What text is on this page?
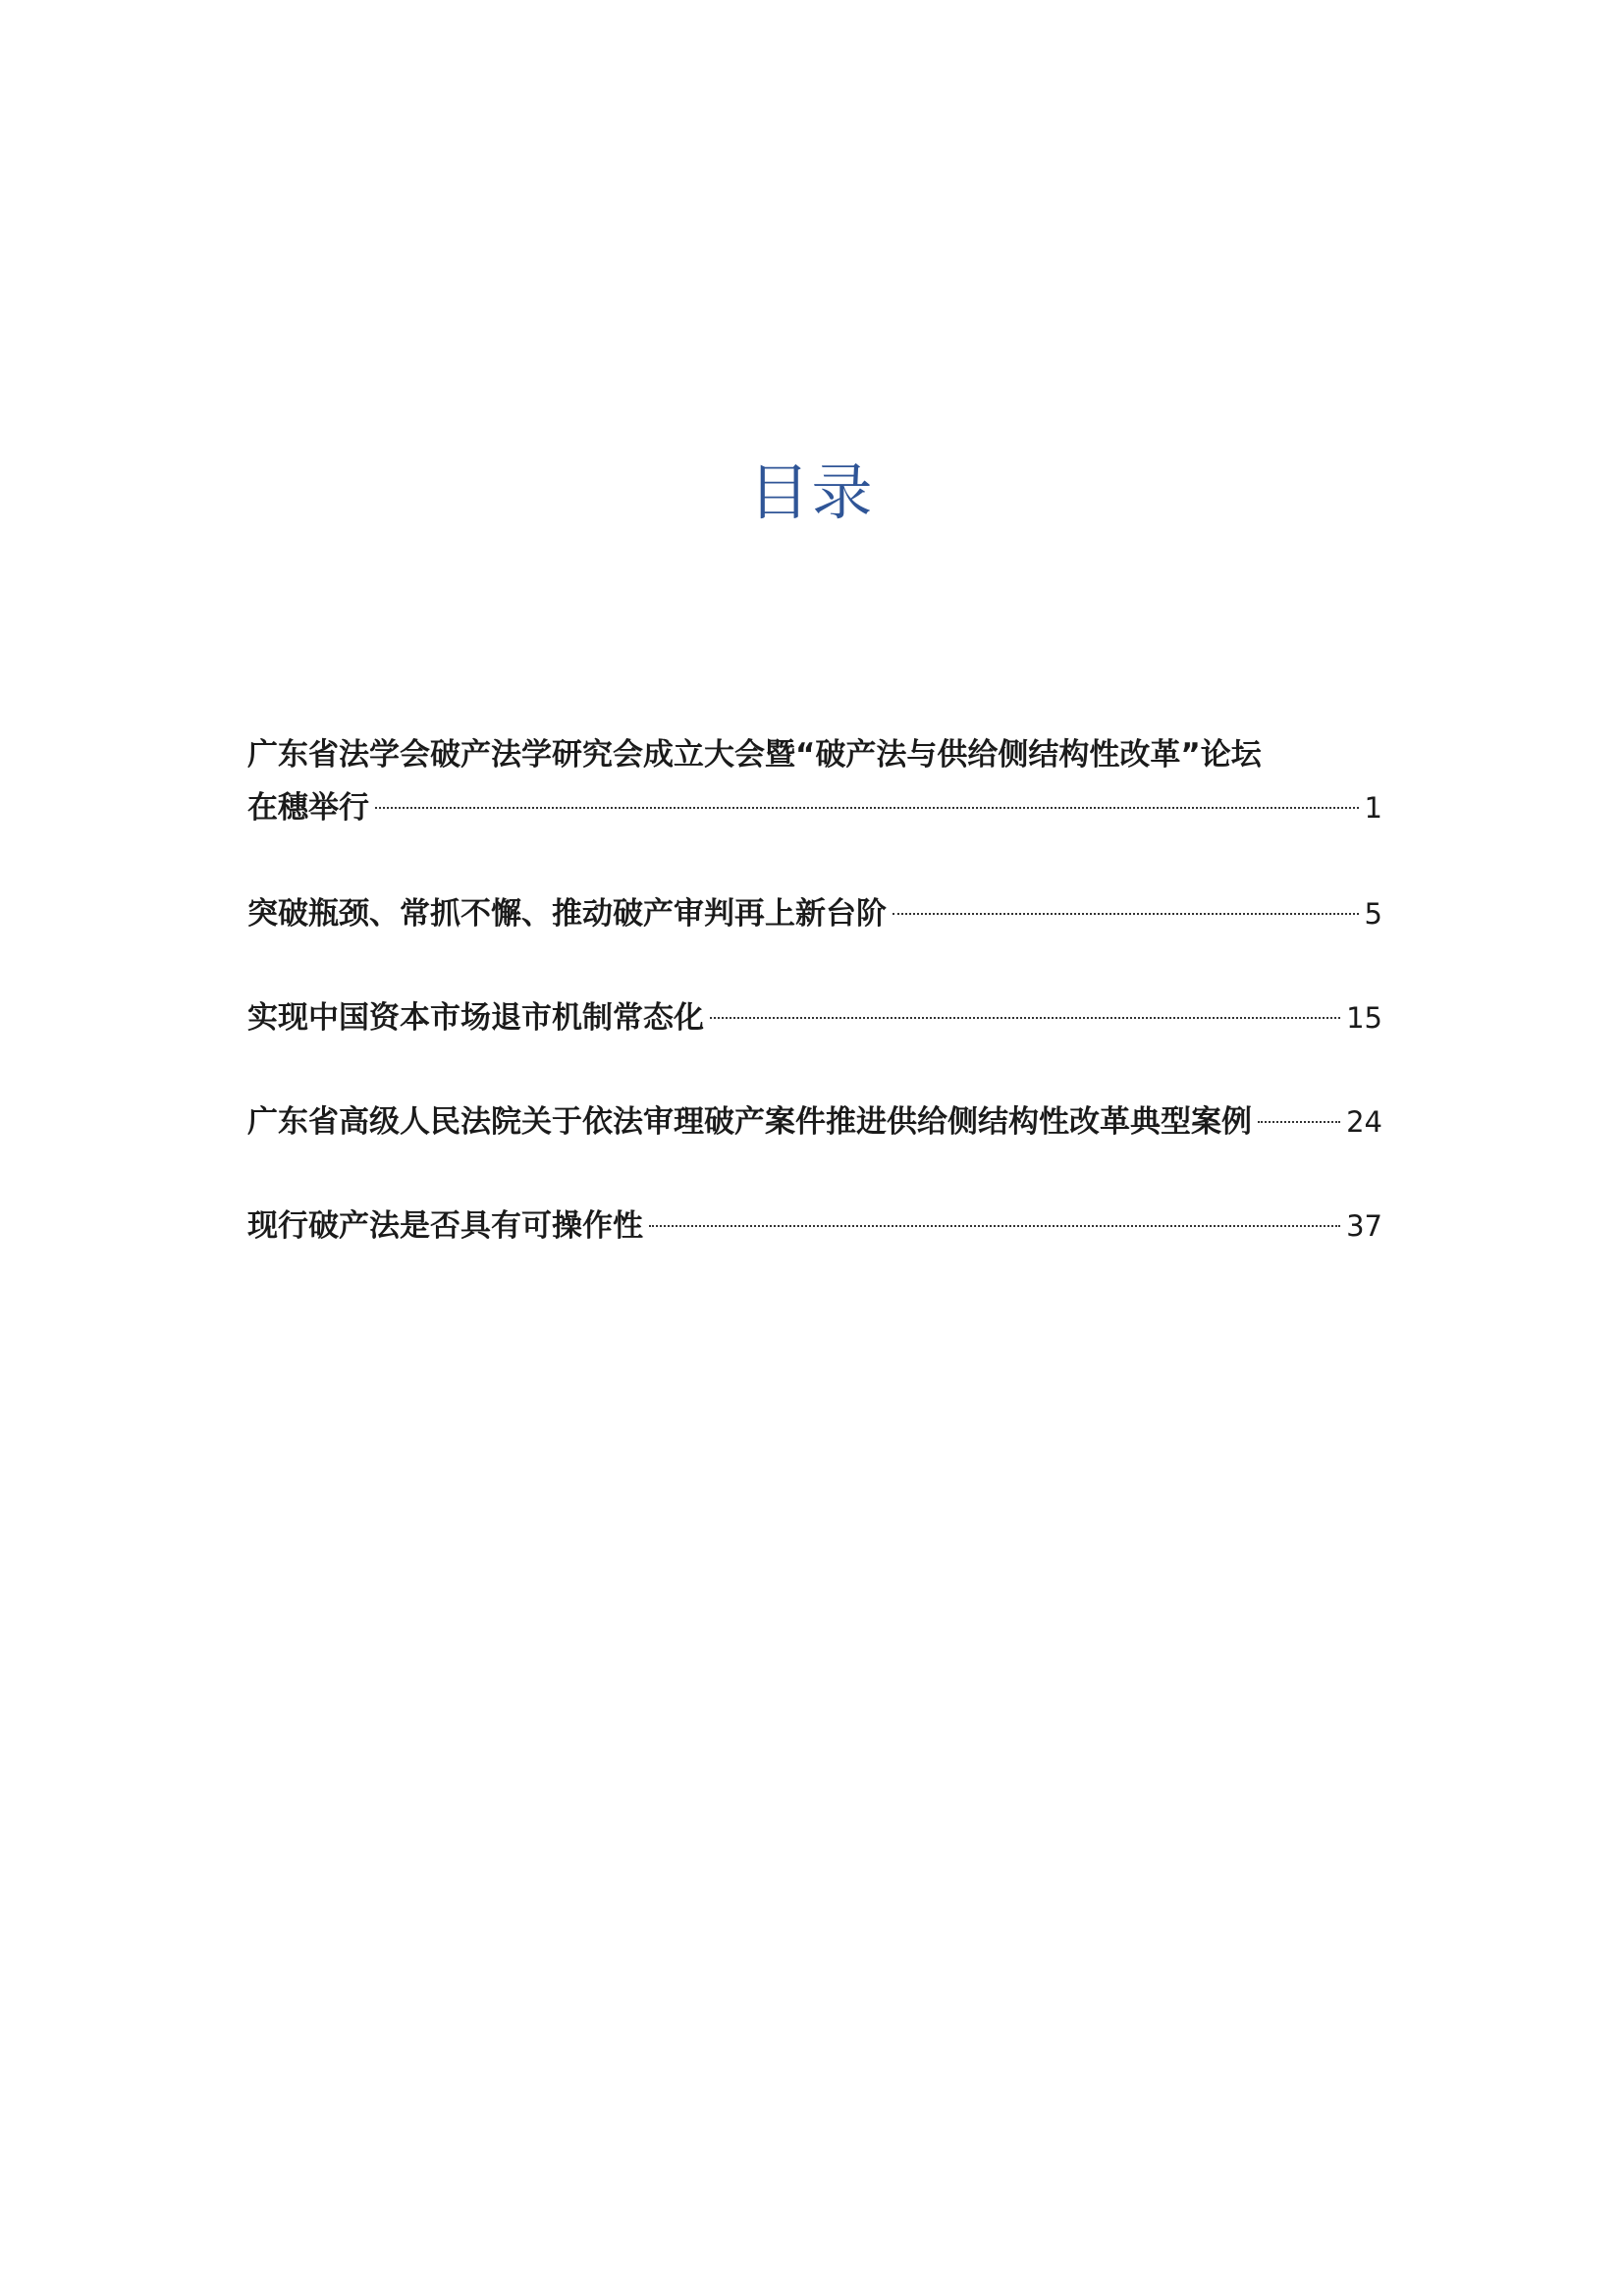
目录
广东省法学会破产法学研究会成立大会暨“破产法与供给侧结构性改革”论坛
在穗举行	1
突破瓶颈、常抓不懈、推动破产审判再上新台阶	5
实现中国资本市场退市机制常态化	15
广东省高级人民法院关于依法审理破产案件推进供给侧结构性改革典型案例	24
现行破产法是否具有可操作性	37
